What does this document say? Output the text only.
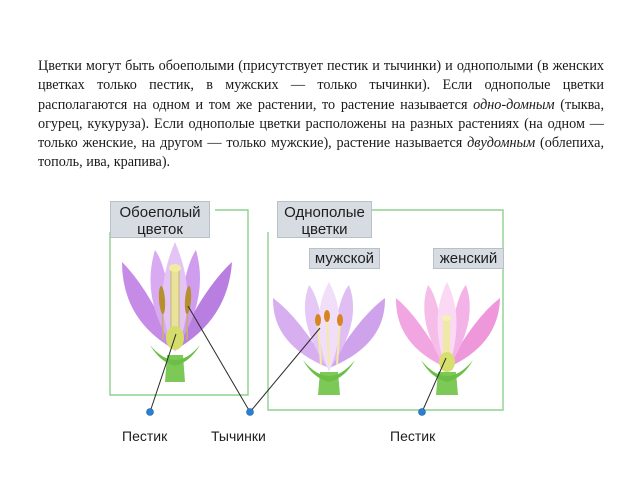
Цветки могут быть обоеполыми (присутствует пестик и тычинки) и однополыми (в женских цветках только пестик, в мужских — только тычинки). Если однополые цветки располагаются на одном и том же растении, то растение называется одно-домным (тыква, огурец, кукуруза). Если однополые цветки расположены на разных растениях (на одном — только женские, на другом — только мужские), растение называется двудомным (облепиха, тополь, ива, крапива).
Обоеполый цветок
Однополые цветки
мужской	женский
Пестик	Тычинки	Пестик
